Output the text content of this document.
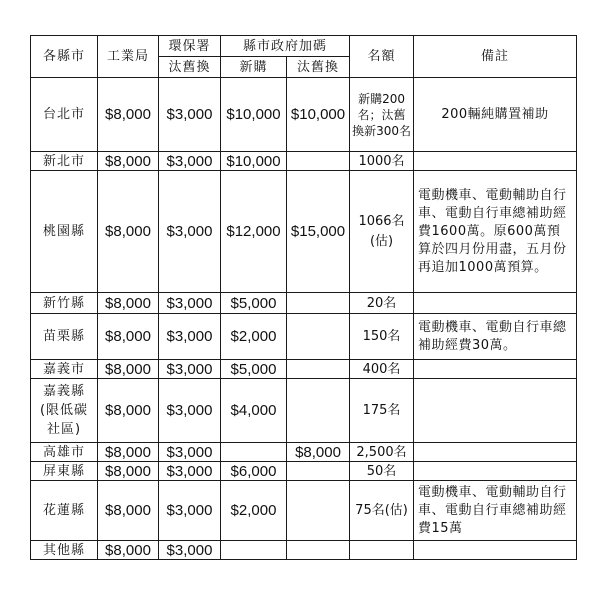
各縣市	工業局	環保署	縣市政府加碼		名額	備註
		汰舊換	新購	汰舊換		
台北市	$8,000	$3,000	$10,000	$10,000	新購200名；汰舊換新300名	200輛純購置補助
新北市	$8,000	$3,000	$10,000		1000名	
桃園縣	$8,000	$3,000	$12,000	$15,000	1066名(估)	電動機車、電動輔助自行車、電動自行車總補助經費1600萬。原600萬預算於四月份用盡，五月份再追加1000萬預算。
新竹縣	$8,000	$3,000	$5,000		20名	
苗栗縣	$8,000	$3,000	$2,000		150名	電動機車、電動自行車總補助經費30萬。
嘉義市	$8,000	$3,000	$5,000		400名	
嘉義縣(限低碳社區)	$8,000	$3,000	$4,000		175名	
高雄市	$8,000	$3,000		$8,000	2,500名	
屏東縣	$8,000	$3,000	$6,000		50名	
花蓮縣	$8,000	$3,000	$2,000		75名(估)	電動機車、電動輔助自行車、電動自行車總補助經費15萬
其他縣	$8,000	$3,000				
